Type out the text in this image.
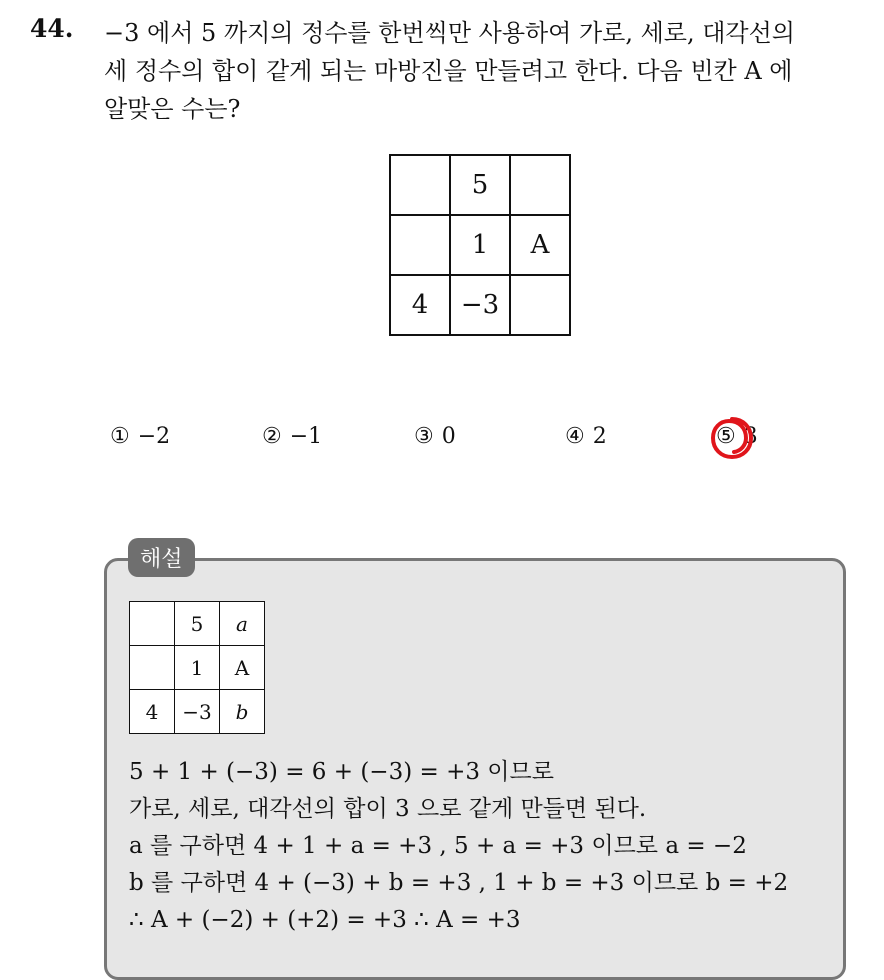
44. −3 에서 5 까지의 정수를 한번씩만 사용하여 가로, 세로, 대각선의
세 정수의 합이 같게 되는 마방진을 만들려고 한다. 다음 빈칸 A 에
알맞은 수는?
	5	
	1	A
4	−3	
① −2	② −1	③ 0	④ 2	⑤ 3
해설
	5	a
	1	A
4	−3	b
5 + 1 + (−3) = 6 + (−3) = +3 이므로
가로, 세로, 대각선의 합이 3 으로 같게 만들면 된다.
a 를 구하면 4 + 1 + a = +3 , 5 + a = +3 이므로 a = −2
b 를 구하면 4 + (−3) + b = +3 , 1 + b = +3 이므로 b = +2
∴ A + (−2) + (+2) = +3 ∴ A = +3
